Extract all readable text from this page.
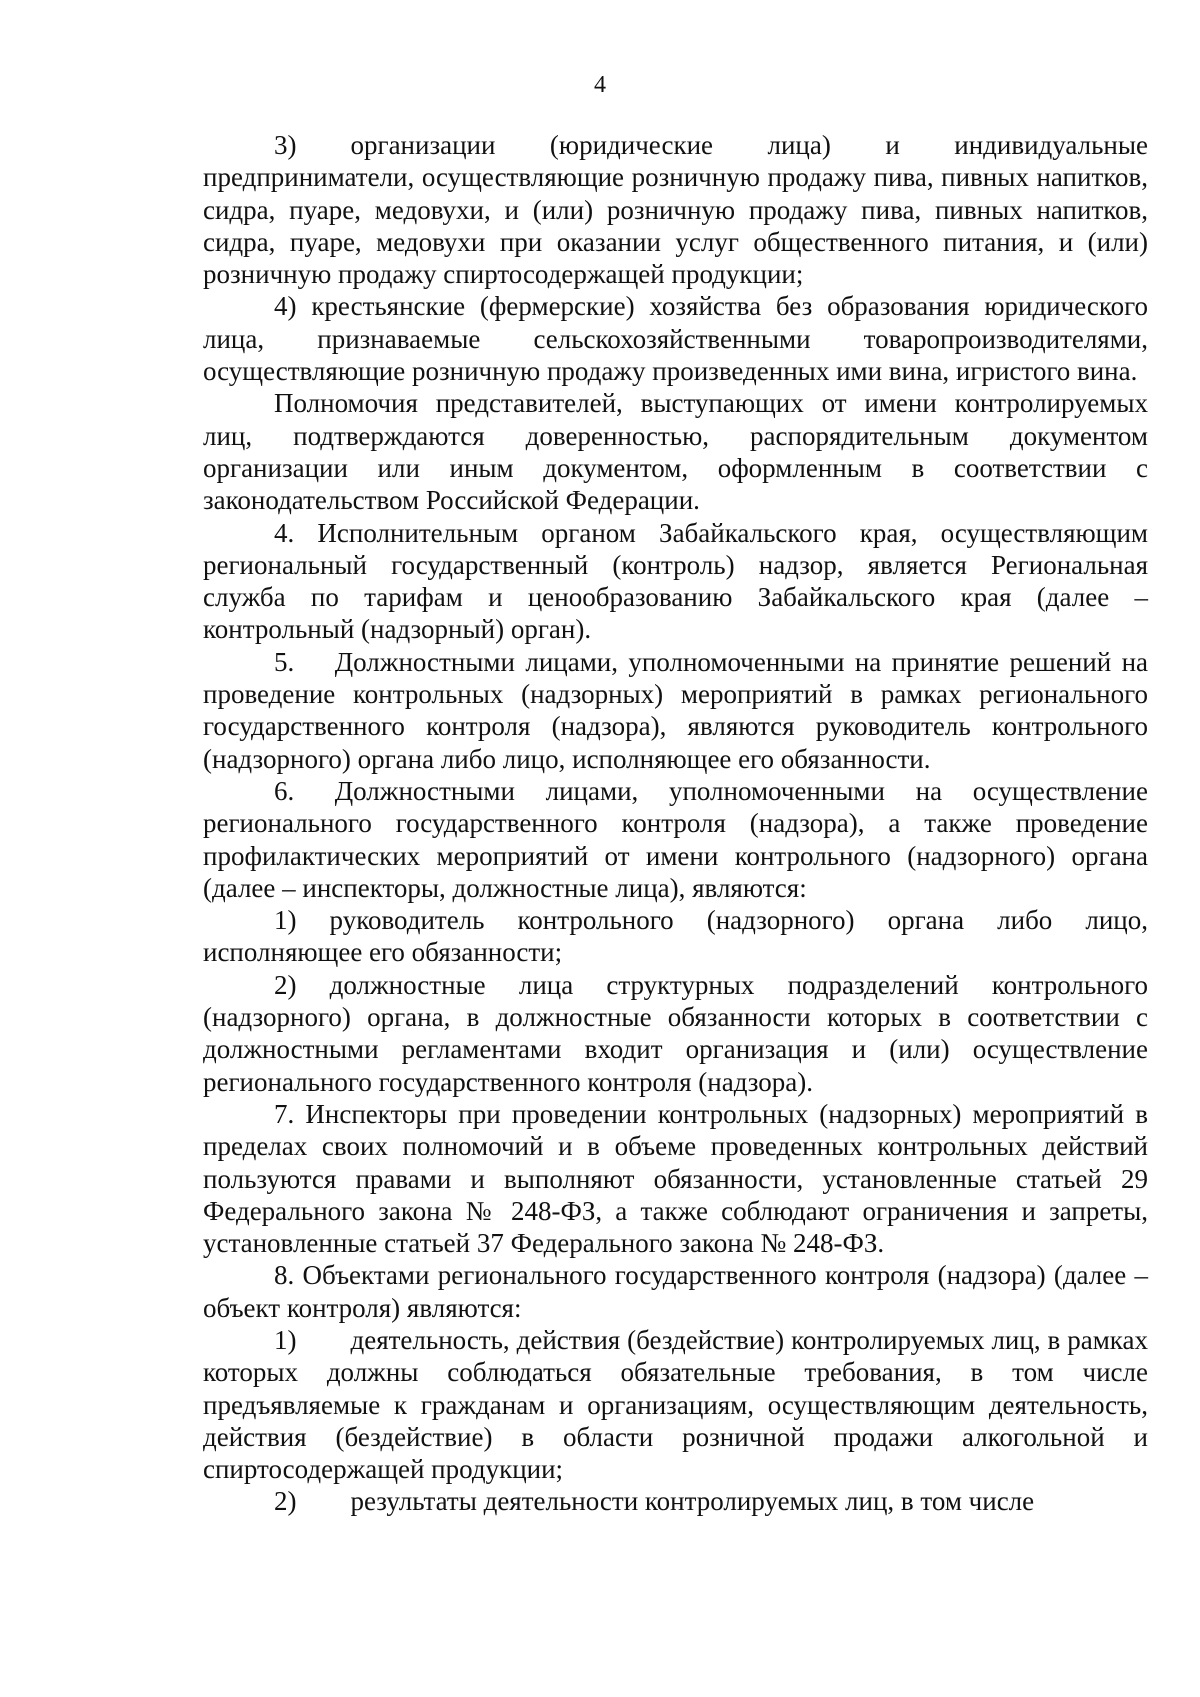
4

3)    организации (юридические лица) и индивидуальные предприниматели, осуществляющие розничную продажу пива, пивных напитков, сидра, пуаре, медовухи, и (или) розничную продажу пива, пивных напитков, сидра, пуаре, медовухи при оказании услуг общественного питания, и (или) розничную продажу спиртосодержащей продукции;

4) крестьянские (фермерские) хозяйства без образования юридического лица, признаваемые сельскохозяйственными товаропроизводителями, осуществляющие розничную продажу произведенных ими вина, игристого вина.

Полномочия представителей, выступающих от имени контролируемых лиц, подтверждаются доверенностью, распорядительным документом организации или иным документом, оформленным в соответствии с законодательством Российской Федерации.

4. Исполнительным органом Забайкальского края, осуществляющим региональный государственный (контроль) надзор, является Региональная служба по тарифам и ценообразованию Забайкальского края (далее – контрольный (надзорный) орган).

5.   Должностными лицами, уполномоченными на принятие решений на проведение контрольных (надзорных) мероприятий в рамках регионального государственного контроля (надзора), являются руководитель контрольного (надзорного) органа либо лицо, исполняющее его обязанности.

6.   Должностными лицами, уполномоченными на осуществление регионального государственного контроля (надзора), а также проведение профилактических мероприятий от имени контрольного (надзорного) органа (далее – инспекторы, должностные лица), являются:

1) руководитель контрольного (надзорного) органа либо лицо, исполняющее его обязанности;

2) должностные лица структурных подразделений контрольного (надзорного) органа, в должностные обязанности которых в соответствии с должностными регламентами входит организация и (или) осуществление регионального государственного контроля (надзора).

7. Инспекторы при проведении контрольных (надзорных) мероприятий в пределах своих полномочий и в объеме проведенных контрольных действий пользуются правами и выполняют обязанности, установленные статьей 29 Федерального закона № 248-ФЗ, а также соблюдают ограничения и запреты, установленные статьей 37 Федерального закона № 248-ФЗ.

8. Объектами регионального государственного контроля (надзора) (далее – объект контроля) являются:

1)    деятельность, действия (бездействие) контролируемых лиц, в рамках которых должны соблюдаться обязательные требования, в том числе предъявляемые к гражданам и организациям, осуществляющим деятельность, действия (бездействие) в области розничной продажи алкогольной и спиртосодержащей продукции;

2)    результаты деятельности контролируемых лиц, в том числе
